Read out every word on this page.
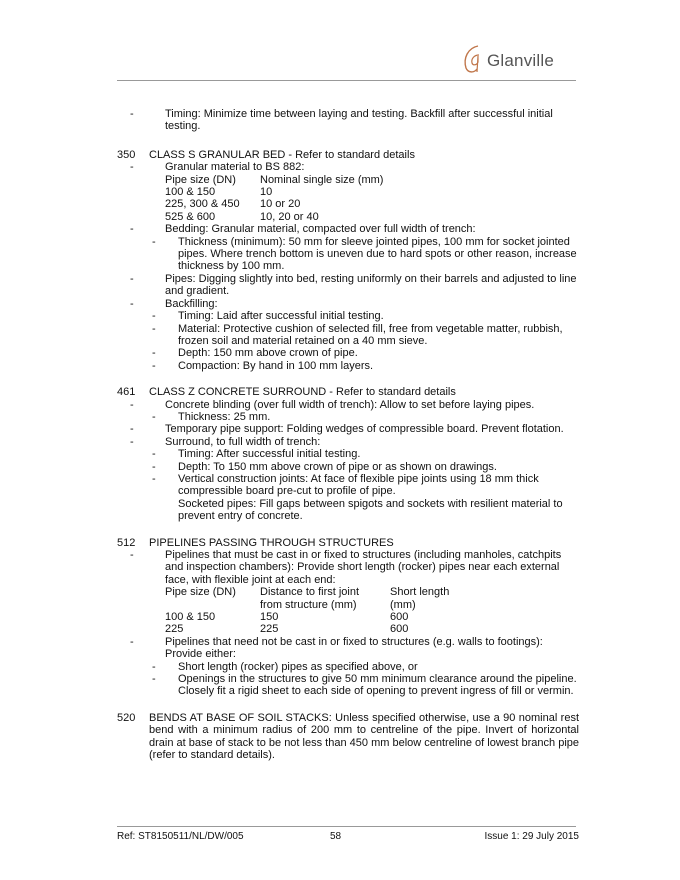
Glanville
-	Timing: Minimize time between laying and testing. Backfill after successful initial testing.
350	CLASS S GRANULAR BED - Refer to standard details
-	Granular material to BS 882:
Pipe size (DN)	Nominal single size (mm)
100 & 150	10
225, 300 & 450	10 or 20
525 & 600	10, 20 or 40
-	Bedding: Granular material, compacted over full width of trench:
- Thickness (minimum): 50 mm for sleeve jointed pipes, 100 mm for socket jointed pipes. Where trench bottom is uneven due to hard spots or other reason, increase thickness by 100 mm.
-	Pipes: Digging slightly into bed, resting uniformly on their barrels and adjusted to line and gradient.
-	Backfilling:
- Timing: Laid after successful initial testing.
- Material: Protective cushion of selected fill, free from vegetable matter, rubbish, frozen soil and material retained on a 40 mm sieve.
- Depth: 150 mm above crown of pipe.
- Compaction: By hand in 100 mm layers.
461	CLASS Z CONCRETE SURROUND - Refer to standard details
-	Concrete blinding (over full width of trench): Allow to set before laying pipes.
- Thickness: 25 mm.
-	Temporary pipe support: Folding wedges of compressible board. Prevent flotation.
-	Surround, to full width of trench:
- Timing: After successful initial testing.
- Depth: To 150 mm above crown of pipe or as shown on drawings.
- Vertical construction joints: At face of flexible pipe joints using 18 mm thick compressible board pre-cut to profile of pipe.
Socketed pipes: Fill gaps between spigots and sockets with resilient material to prevent entry of concrete.
512	PIPELINES PASSING THROUGH STRUCTURES
-	Pipelines that must be cast in or fixed to structures (including manholes, catchpits and inspection chambers): Provide short length (rocker) pipes near each external face, with flexible joint at each end:
Pipe size (DN)	Distance to first joint	Short length
	from structure (mm)	(mm)
100 & 150	150	600
225	225	600
-	Pipelines that need not be cast in or fixed to structures (e.g. walls to footings): Provide either:
- Short length (rocker) pipes as specified above, or
- Openings in the structures to give 50 mm minimum clearance around the pipeline. Closely fit a rigid sheet to each side of opening to prevent ingress of fill or vermin.
520	BENDS AT BASE OF SOIL STACKS: Unless specified otherwise, use a 90 nominal rest bend with a minimum radius of 200 mm to centreline of the pipe. Invert of horizontal drain at base of stack to be not less than 450 mm below centreline of lowest branch pipe (refer to standard details).
Ref: ST8150511/NL/DW/005	58	Issue 1: 29 July 2015
